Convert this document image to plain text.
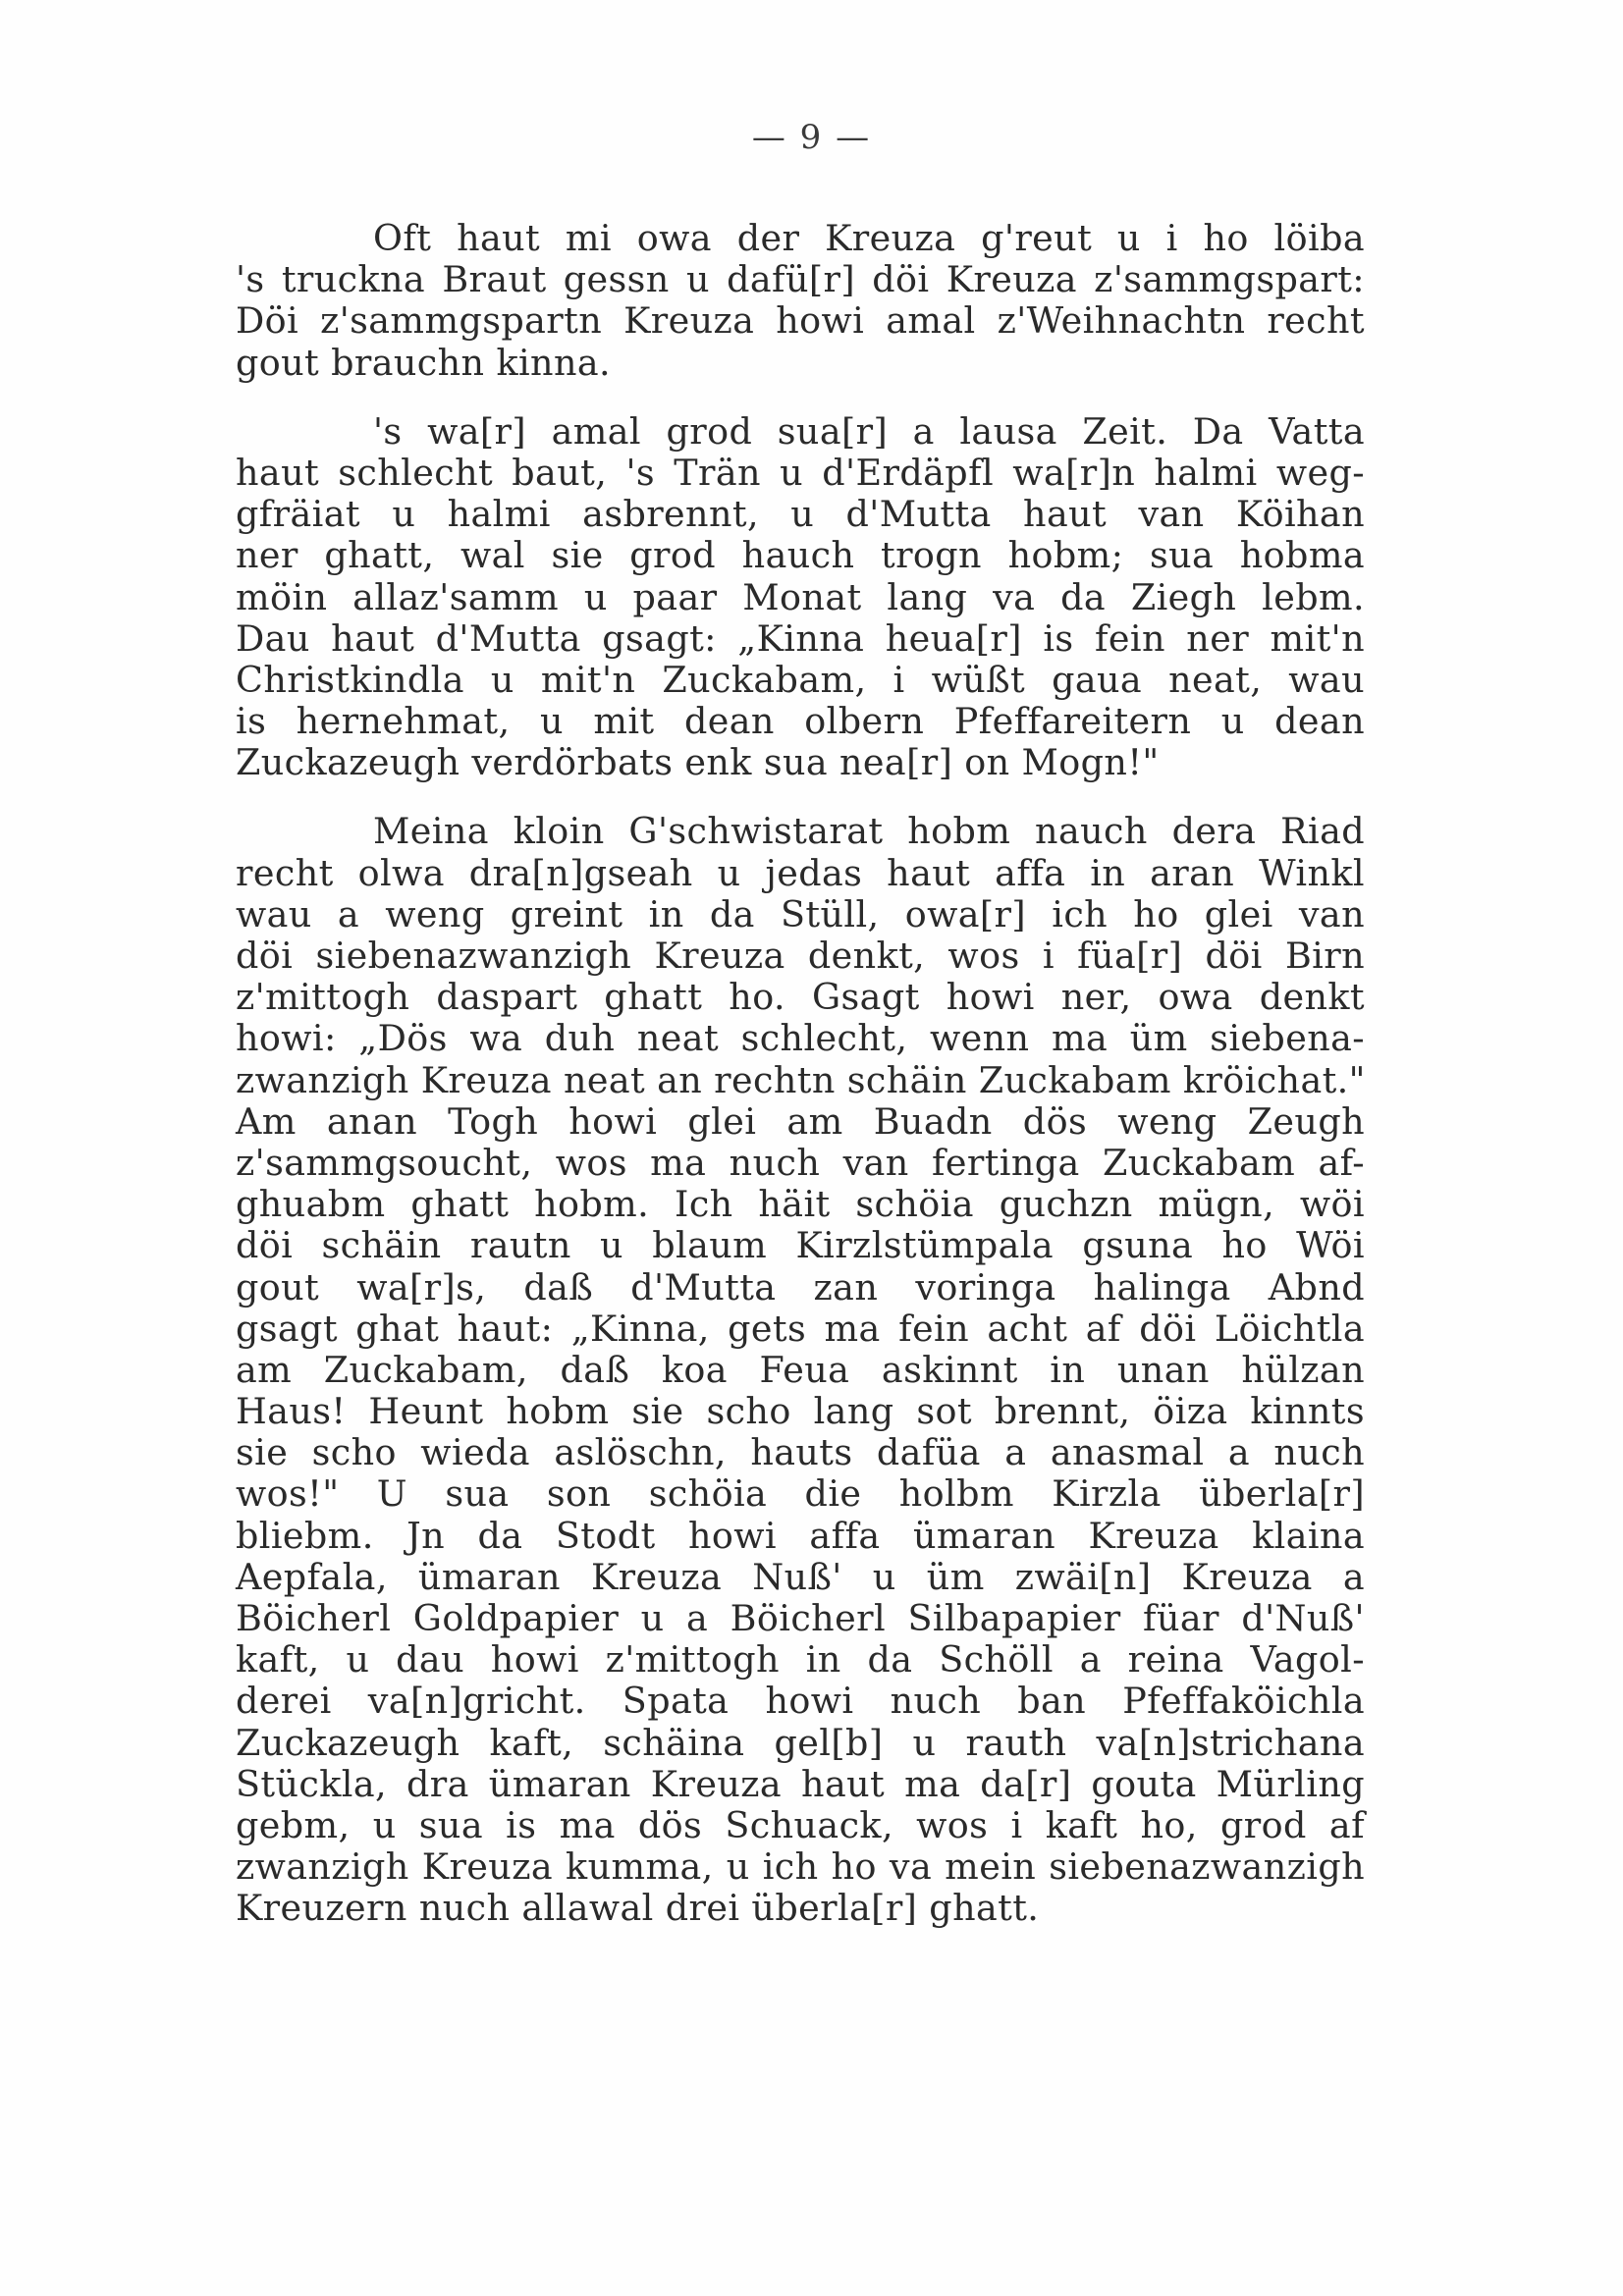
— 9 —
Oft haut mi owa der Kreuza g'reut u i ho löiba
's truckna Braut gessn u dafü[r] döi Kreuza z'sammgspart:
Döi z'sammgspartn Kreuza howi amal z'Weihnachtn recht
gout brauchn kinna.
's wa[r] amal grod sua[r] a lausa Zeit. Da Vatta
haut schlecht baut, 's Trän u d'Erdäpfl wa[r]n halmi weg-
gfräiat u halmi asbrennt, u d'Mutta haut van Köihan
ner ghatt, wal sie grod hauch trogn hobm; sua hobma
möin allaz'samm u paar Monat lang va da Ziegh lebm.
Dau haut d'Mutta gsagt: „Kinna heua[r] is fein ner mit'n
Christkindla u mit'n Zuckabam, i wüßt gaua neat, wau
is hernehmat, u mit dean olbern Pfeffareitern u dean
Zuckazeugh verdörbats enk sua nea[r] on Mogn!"
Meina kloin G'schwistarat hobm nauch dera Riad
recht olwa dra[n]gseah u jedas haut affa in aran Winkl
wau a weng greint in da Stüll, owa[r] ich ho glei van
döi siebenazwanzigh Kreuza denkt, wos i füa[r] döi Birn
z'mittogh daspart ghatt ho. Gsagt howi ner, owa denkt
howi: „Dös wa duh neat schlecht, wenn ma üm siebena-
zwanzigh Kreuza neat an rechtn schäin Zuckabam kröichat."
Am anan Togh howi glei am Buadn dös weng Zeugh
z'sammgsoucht, wos ma nuch van fertinga Zuckabam af-
ghuabm ghatt hobm. Ich häit schöia guchzn mügn, wöi
döi schäin rautn u blaum Kirzlstümpala gsuna ho Wöi
gout wa[r]s, daß d'Mutta zan voringa halinga Abnd
gsagt ghat haut: „Kinna, gets ma fein acht af döi Löichtla
am Zuckabam, daß koa Feua askinnt in unan hülzan
Haus! Heunt hobm sie scho lang sot brennt, öiza kinnts
sie scho wieda aslöschn, hauts dafüa a anasmal a nuch
wos!" U sua son schöia die holbm Kirzla überla[r]
bliebm. Jn da Stodt howi affa ümaran Kreuza klaina
Aepfala, ümaran Kreuza Nuß' u üm zwäi[n] Kreuza a
Böicherl Goldpapier u a Böicherl Silbapapier füar d'Nuß'
kaft, u dau howi z'mittogh in da Schöll a reina Vagol-
derei va[n]gricht. Spata howi nuch ban Pfeffaköichla
Zuckazeugh kaft, schäina gel[b] u rauth va[n]strichana
Stückla, dra ümaran Kreuza haut ma da[r] gouta Mürling
gebm, u sua is ma dös Schuack, wos i kaft ho, grod af
zwanzigh Kreuza kumma, u ich ho va mein siebenazwanzigh
Kreuzern nuch allawal drei überla[r] ghatt.
